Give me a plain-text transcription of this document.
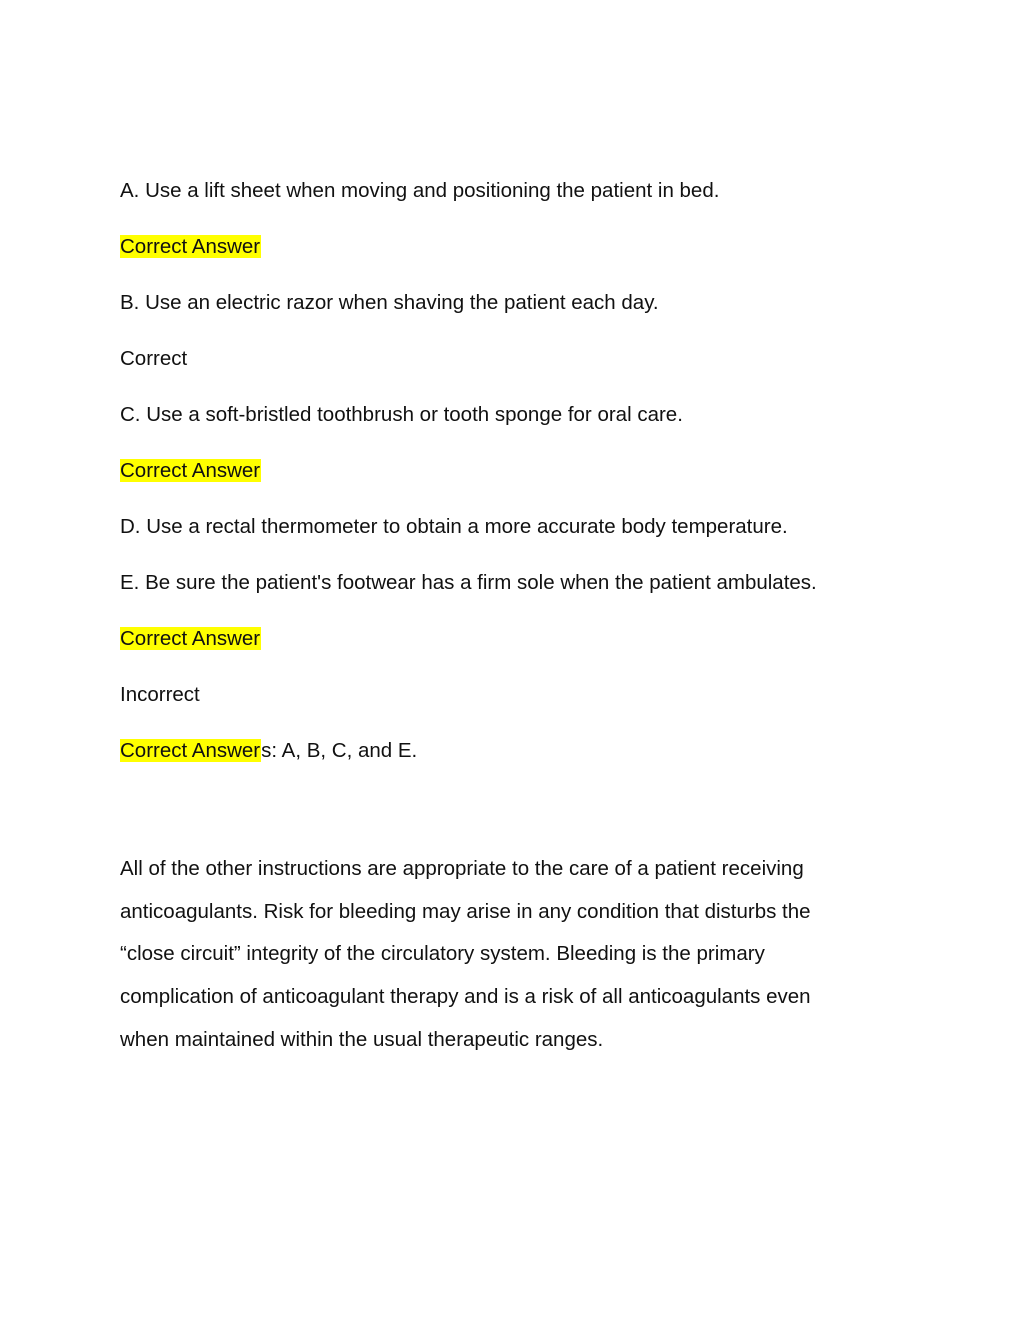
A. Use a lift sheet when moving and positioning the patient in bed.
Correct Answer
B. Use an electric razor when shaving the patient each day.
Correct
C. Use a soft-bristled toothbrush or tooth sponge for oral care.
Correct Answer
D. Use a rectal thermometer to obtain a more accurate body temperature.
E. Be sure the patient's footwear has a firm sole when the patient ambulates.
Correct Answer
Incorrect
Correct Answers: A, B, C, and E.
All of the other instructions are appropriate to the care of a patient receiving
anticoagulants. Risk for bleeding may arise in any condition that disturbs the
“close circuit” integrity of the circulatory system. Bleeding is the primary
complication of anticoagulant therapy and is a risk of all anticoagulants even
when maintained within the usual therapeutic ranges.
